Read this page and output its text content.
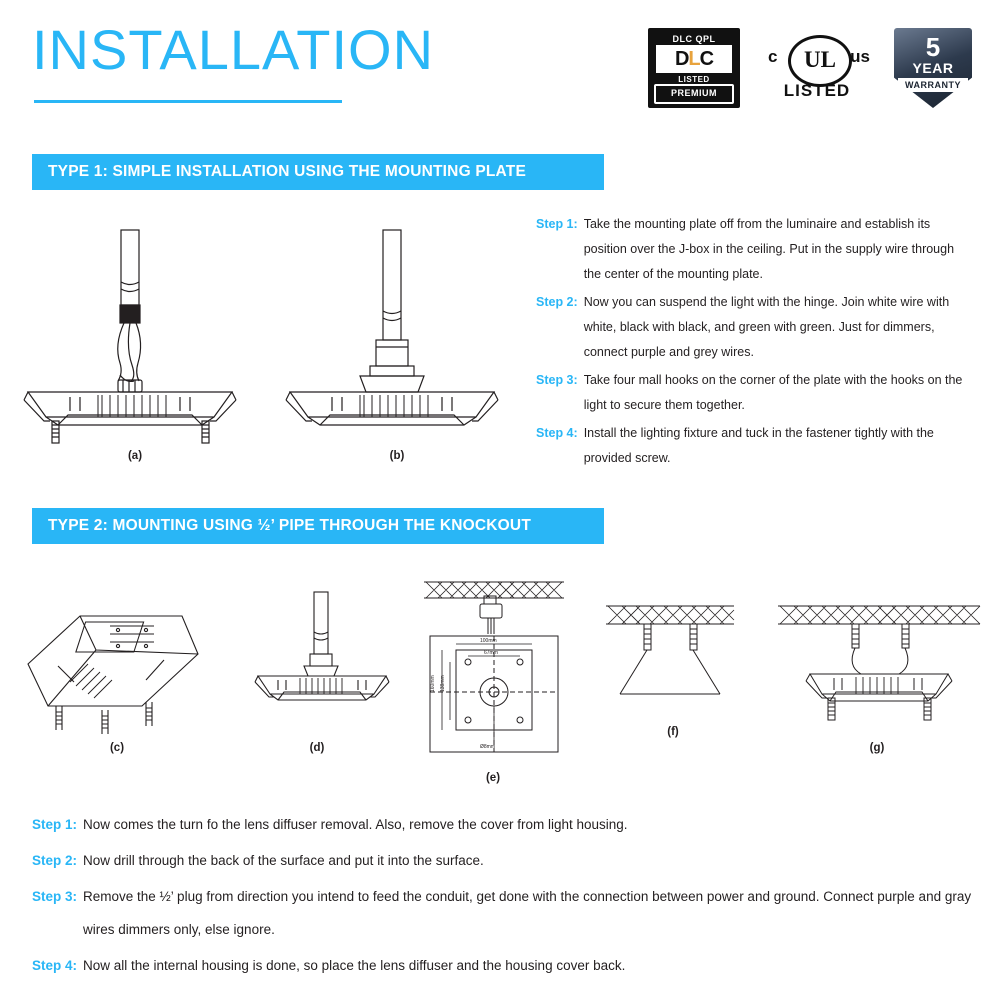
INSTALLATION	DLC QPL
DLC
LISTED
PREMIUM
c	UL us
LISTED
5
YEAR
WARRANTY
TYPE 1: SIMPLE INSTALLATION USING THE MOUNTING PLATE
(a)	(b)
Step 1: Take the mounting plate off from the luminaire and establish its position over the J-box in the ceiling. Put in the supply wire through the center of the mounting plate.
Step 2: Now you can suspend the light with the hinge. Join white wire with white, black with black, and green with green. Just for dimmers, connect purple and grey wires.
Step 3: Take four mall hooks on the corner of the plate with the hooks on the light to secure them together.
Step 4: Install the lighting fixture and tuck in the fastener tightly with the provided screw.
TYPE 2: MOUNTING USING ½’ PIPE THROUGH THE KNOCKOUT
(c)	(d)
100mm
67mm
160mm 138mm
Ø8mm
(e)
(f)
(g)
Step 1: Now comes the turn fo the lens diffuser removal. Also, remove the cover from light housing.
Step 2: Now drill through the back of the surface and put it into the surface.
Step 3: Remove the ½’ plug from direction you intend to feed the conduit, get done with the connection between power and ground. Connect purple and gray wires dimmers only, else ignore.
Step 4: Now all the internal housing is done, so place the lens diffuser and the housing cover back.
